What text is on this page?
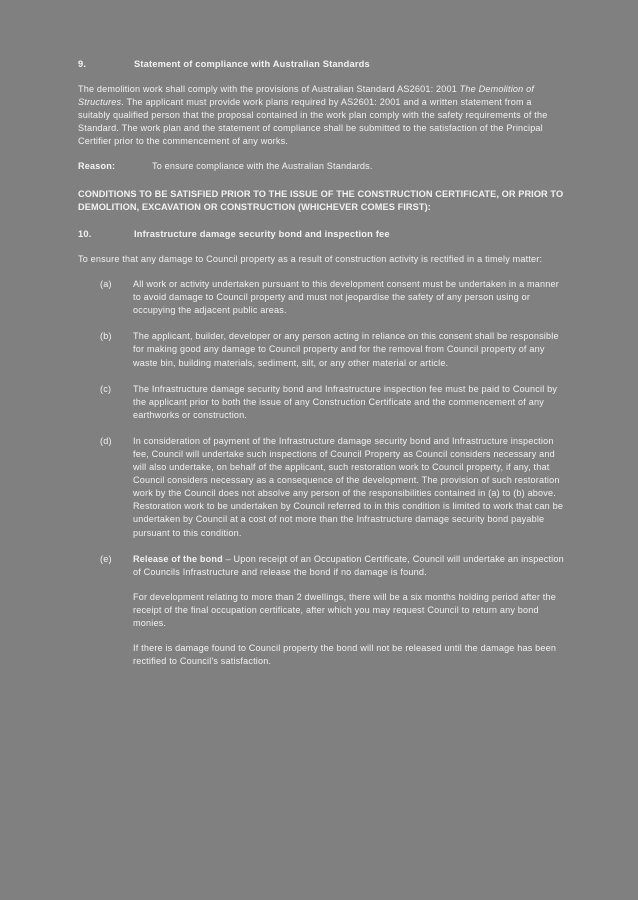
9.	Statement of compliance with Australian Standards

The demolition work shall comply with the provisions of Australian Standard AS2601: 2001 The Demolition of Structures. The applicant must provide work plans required by AS2601: 2001 and a written statement from a suitably qualified person that the proposal contained in the work plan comply with the safety requirements of the Standard. The work plan and the statement of compliance shall be submitted to the satisfaction of the Principal Certifier prior to the commencement of any works.

Reason:	To ensure compliance with the Australian Standards.

CONDITIONS TO BE SATISFIED PRIOR TO THE ISSUE OF THE CONSTRUCTION CERTIFICATE, OR PRIOR TO DEMOLITION, EXCAVATION OR CONSTRUCTION (WHICHEVER COMES FIRST):

10.	Infrastructure damage security bond and inspection fee

To ensure that any damage to Council property as a result of construction activity is rectified in a timely matter:

(a)	All work or activity undertaken pursuant to this development consent must be undertaken in a manner to avoid damage to Council property and must not jeopardise the safety of any person using or occupying the adjacent public areas.

(b)	The applicant, builder, developer or any person acting in reliance on this consent shall be responsible for making good any damage to Council property and for the removal from Council property of any waste bin, building materials, sediment, silt, or any other material or article.

(c)	The Infrastructure damage security bond and Infrastructure inspection fee must be paid to Council by the applicant prior to both the issue of any Construction Certificate and the commencement of any earthworks or construction.

(d)	In consideration of payment of the Infrastructure damage security bond and Infrastructure inspection fee, Council will undertake such inspections of Council Property as Council considers necessary and will also undertake, on behalf of the applicant, such restoration work to Council property, if any, that Council considers necessary as a consequence of the development. The provision of such restoration work by the Council does not absolve any person of the responsibilities contained in (a) to (b) above. Restoration work to be undertaken by Council referred to in this condition is limited to work that can be undertaken by Council at a cost of not more than the Infrastructure damage security bond payable pursuant to this condition.

(e)	Release of the bond – Upon receipt of an Occupation Certificate, Council will undertake an inspection of Councils Infrastructure and release the bond if no damage is found.

For development relating to more than 2 dwellings, there will be a six months holding period after the receipt of the final occupation certificate, after which you may request Council to return any bond monies.

If there is damage found to Council property the bond will not be released until the damage has been rectified to Council's satisfaction.
